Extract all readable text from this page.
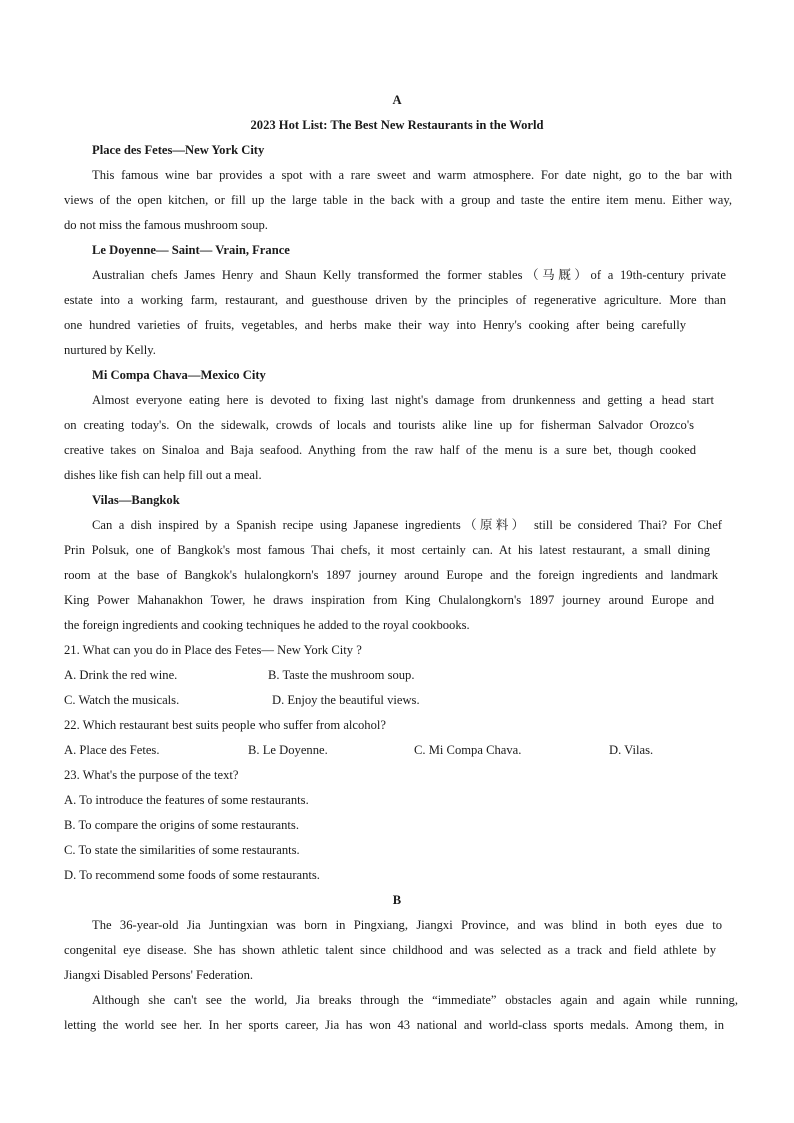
A
2023 Hot List: The Best New Restaurants in the World
Place des Fetes—New York City
This famous wine bar provides a spot with a rare sweet and warm atmosphere. For date night, go to the bar with
views of the open kitchen, or fill up the large table in the back with a group and taste the entire item menu. Either way,
do not miss the famous mushroom soup.
Le Doyenne— Saint— Vrain, France
Australian chefs James Henry and Shaun Kelly transformed the former stables（马厩）of a 19th-century private
estate into a working farm, restaurant, and guesthouse driven by the principles of regenerative agriculture. More than
one hundred varieties of fruits, vegetables, and herbs make their way into Henry's cooking after being carefully
nurtured by Kelly.
Mi Compa Chava—Mexico City
Almost everyone eating here is devoted to fixing last night's damage from drunkenness and getting a head start
on creating today's. On the sidewalk, crowds of locals and tourists alike line up for fisherman Salvador Orozco's
creative takes on Sinaloa and Baja seafood. Anything from the raw half of the menu is a sure bet, though cooked
dishes like fish can help fill out a meal.
Vilas—Bangkok
Can a dish inspired by a Spanish recipe using Japanese ingredients（原料） still be considered Thai? For Chef
Prin Polsuk, one of Bangkok's most famous Thai chefs, it most certainly can. At his latest restaurant, a small dining
room at the base of Bangkok's hulalongkorn's 1897 journey around Europe and the foreign ingredients and landmark
King Power Mahanakhon Tower, he draws inspiration from King Chulalongkorn's 1897 journey around Europe and
the foreign ingredients and cooking techniques he added to the royal cookbooks.
21. What can you do in Place des Fetes— New York City ?
A. Drink the red wine.	B. Taste the mushroom soup.
C. Watch the musicals.	D. Enjoy the beautiful views.
22. Which restaurant best suits people who suffer from alcohol?
A. Place des Fetes.	B. Le Doyenne.	C. Mi Compa Chava.	D. Vilas.
23. What's the purpose of the text?
A. To introduce the features of some restaurants.
B. To compare the origins of some restaurants.
C. To state the similarities of some restaurants.
D. To recommend some foods of some restaurants.
B
The 36-year-old Jia Juntingxian was born in Pingxiang, Jiangxi Province, and was blind in both eyes due to
congenital eye disease. She has shown athletic talent since childhood and was selected as a track and field athlete by
Jiangxi Disabled Persons' Federation.
Although she can't see the world, Jia breaks through the “immediate” obstacles again and again while running,
letting the world see her. In her sports career, Jia has won 43 national and world-class sports medals. Among them, in
